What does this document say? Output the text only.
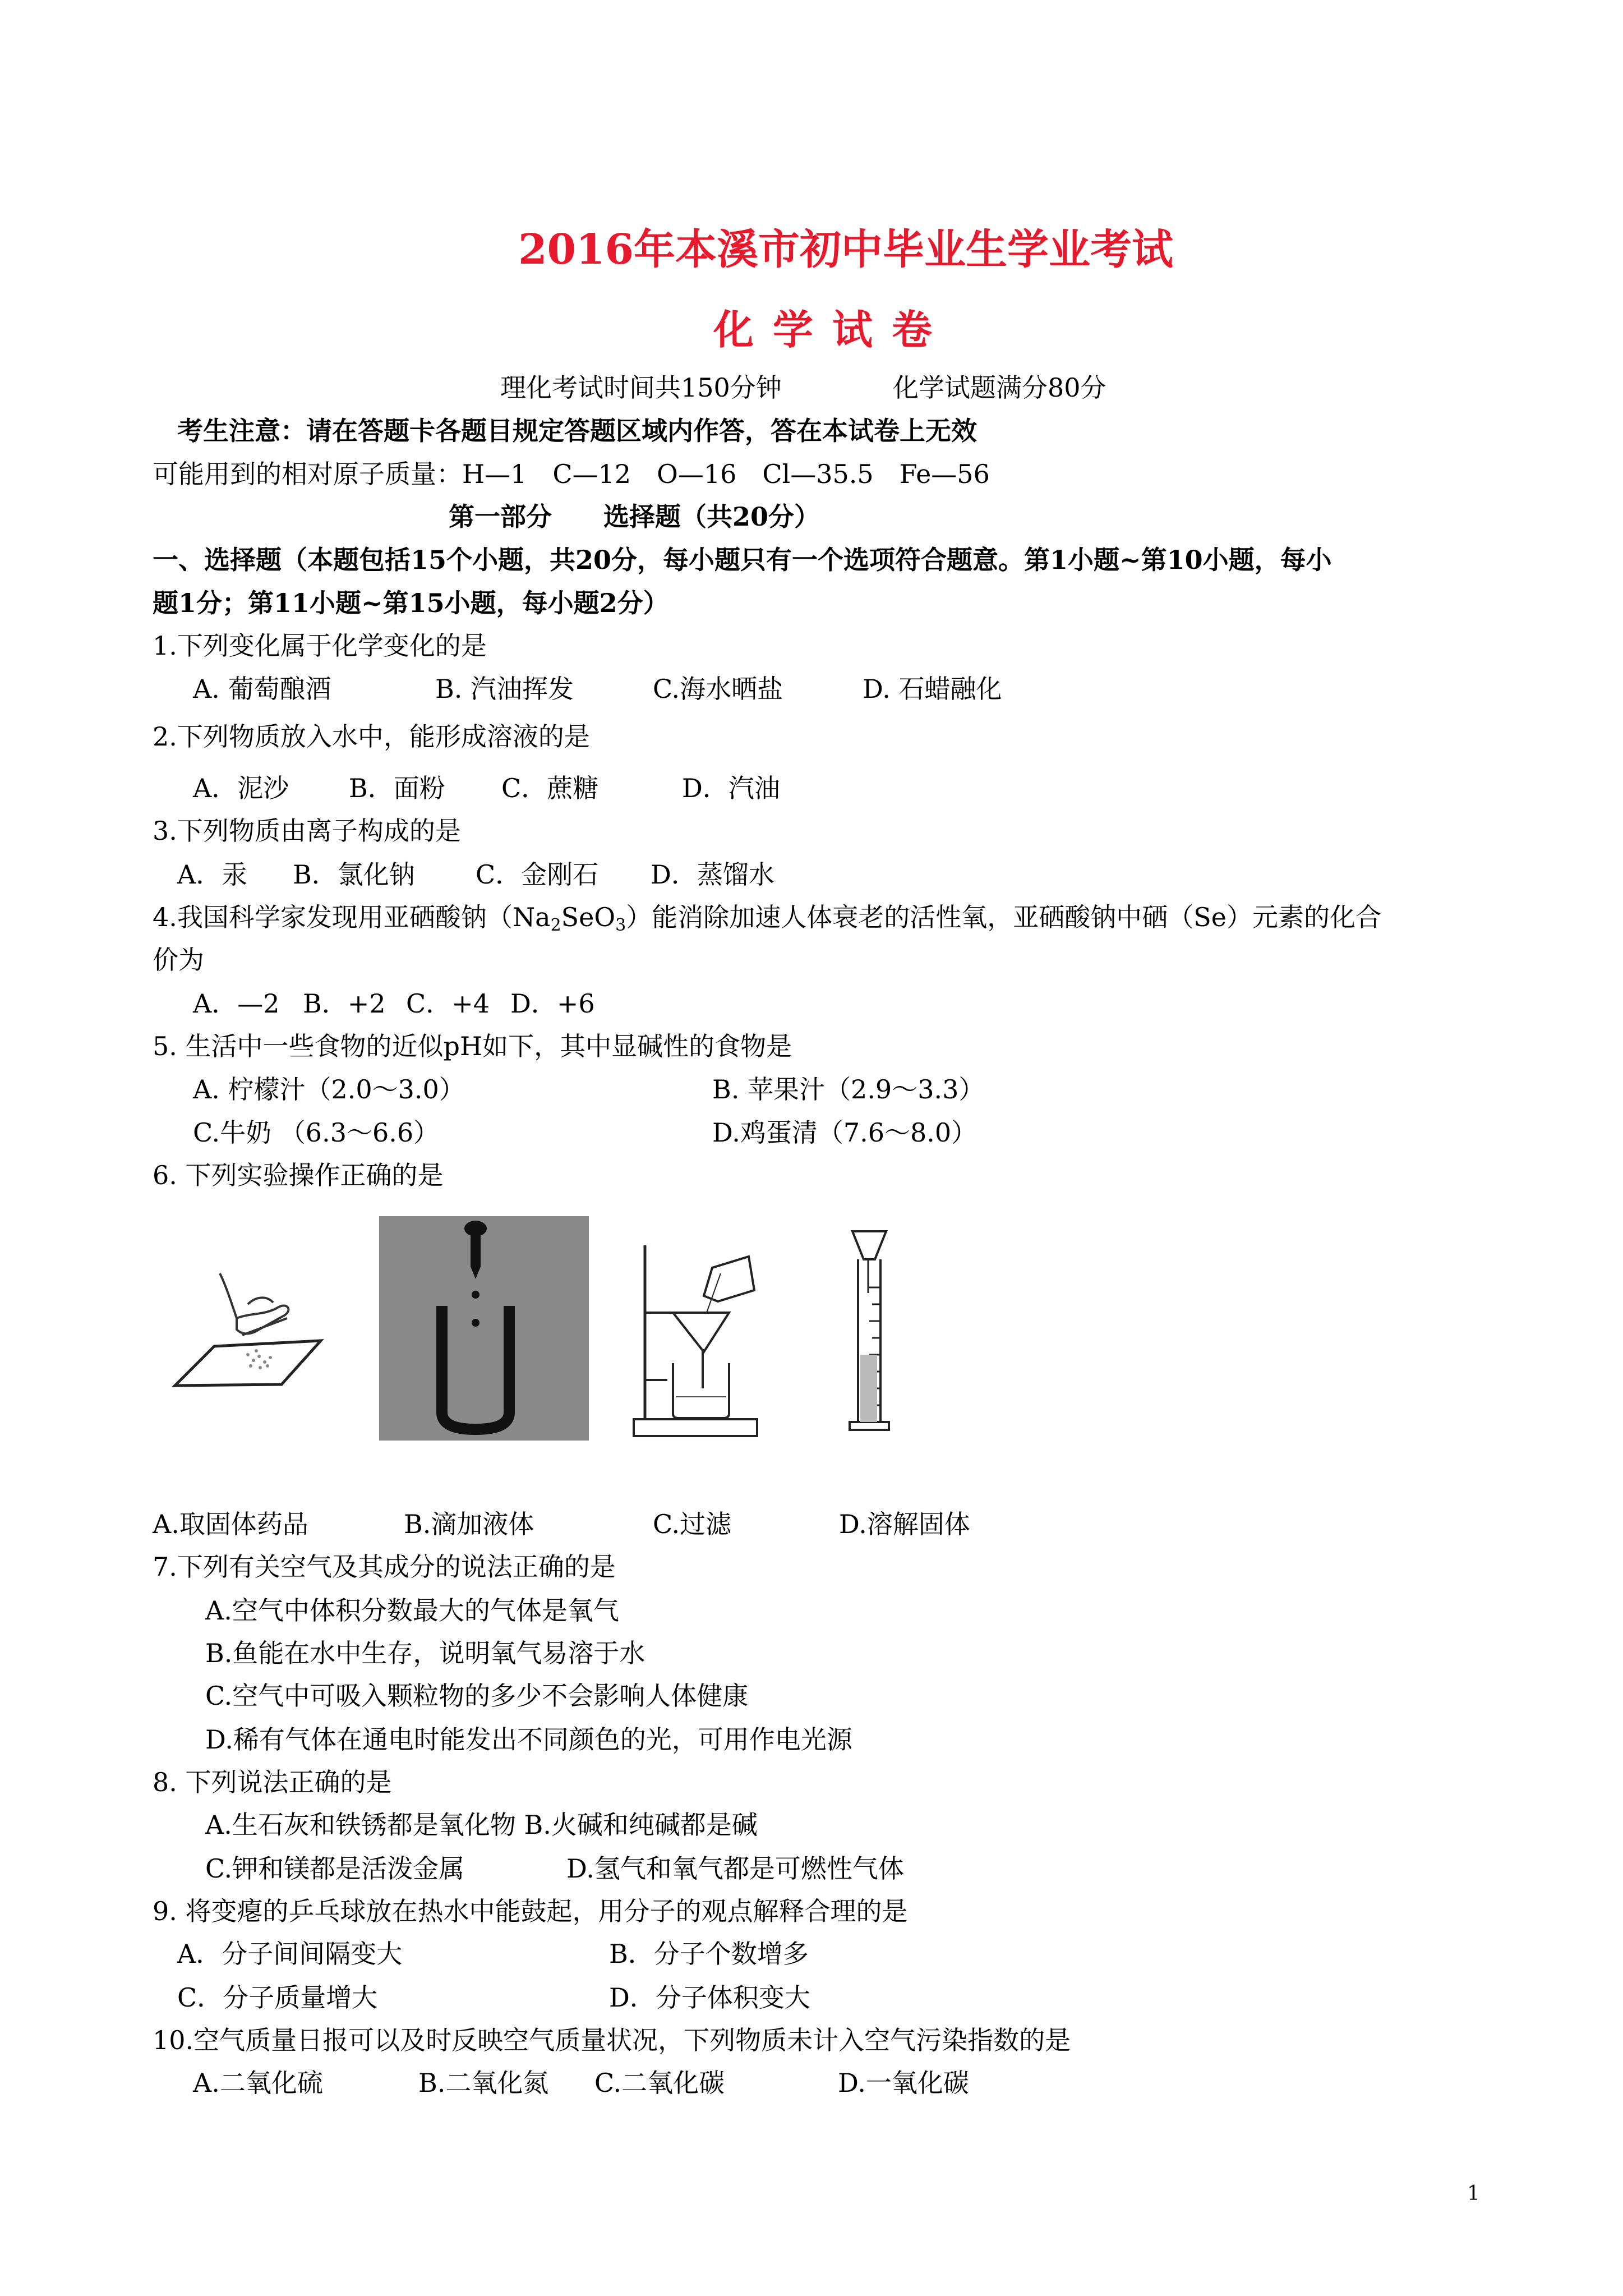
2016年本溪市初中毕业生学业考试
化学试卷
理化考试时间共150分钟	化学试题满分80分
考生注意：请在答题卡各题目规定答题区域内作答，答在本试卷上无效
可能用到的相对原子质量：H—1　C—12　O—16　Cl—35.5　Fe—56
第一部分　　选择题（共20分）
一、选择题（本题包括15个小题，共20分，每小题只有一个选项符合题意。第1小题~第10小题，每小
题1分；第11小题~第15小题，每小题2分）
1.下列变化属于化学变化的是
A. 葡萄酿酒	B. 汽油挥发	C.海水晒盐	D. 石蜡融化
2.下列物质放入水中，能形成溶液的是
A．泥沙 B．面粉 C．蔗糖	D．汽油
3.下列物质由离子构成的是
A．汞 B．氯化钠 C．金刚石 D．蒸馏水
4.我国科学家发现用亚硒酸钠$(Na_2SeO_3)$能消除加速人体衰老的活性氧，亚硒酸钠中硒（Se）元素的化合
价为
A．—2 B．+2 C．+4 D．+6
5. 生活中一些食物的近似pH如下，其中显碱性的食物是
A. 柠檬汁（2.0～3.0）	B. 苹果汁（2.9～3.3）
C.牛奶 （6.3～6.6）	D.鸡蛋清（7.6～8.0）
6. 下列实验操作正确的是
A.取固体药品	B.滴加液体	C.过滤	D.溶解固体
7.下列有关空气及其成分的说法正确的是
A.空气中体积分数最大的气体是氧气
B.鱼能在水中生存，说明氧气易溶于水
C.空气中可吸入颗粒物的多少不会影响人体健康
D.稀有气体在通电时能发出不同颜色的光，可用作电光源
8. 下列说法正确的是
A.生石灰和铁锈都是氧化物 B.火碱和纯碱都是碱
C.钾和镁都是活泼金属	D.氢气和氧气都是可燃性气体
9. 将变瘪的乒乓球放在热水中能鼓起，用分子的观点解释合理的是
A．分子间间隔变大	B．分子个数增多
C．分子质量增大	D．分子体积变大
10.空气质量日报可以及时反映空气质量状况，下列物质未计入空气污染指数的是
A.二氧化硫	B.二氧化氮 C.二氧化碳	D.一氧化碳
1
